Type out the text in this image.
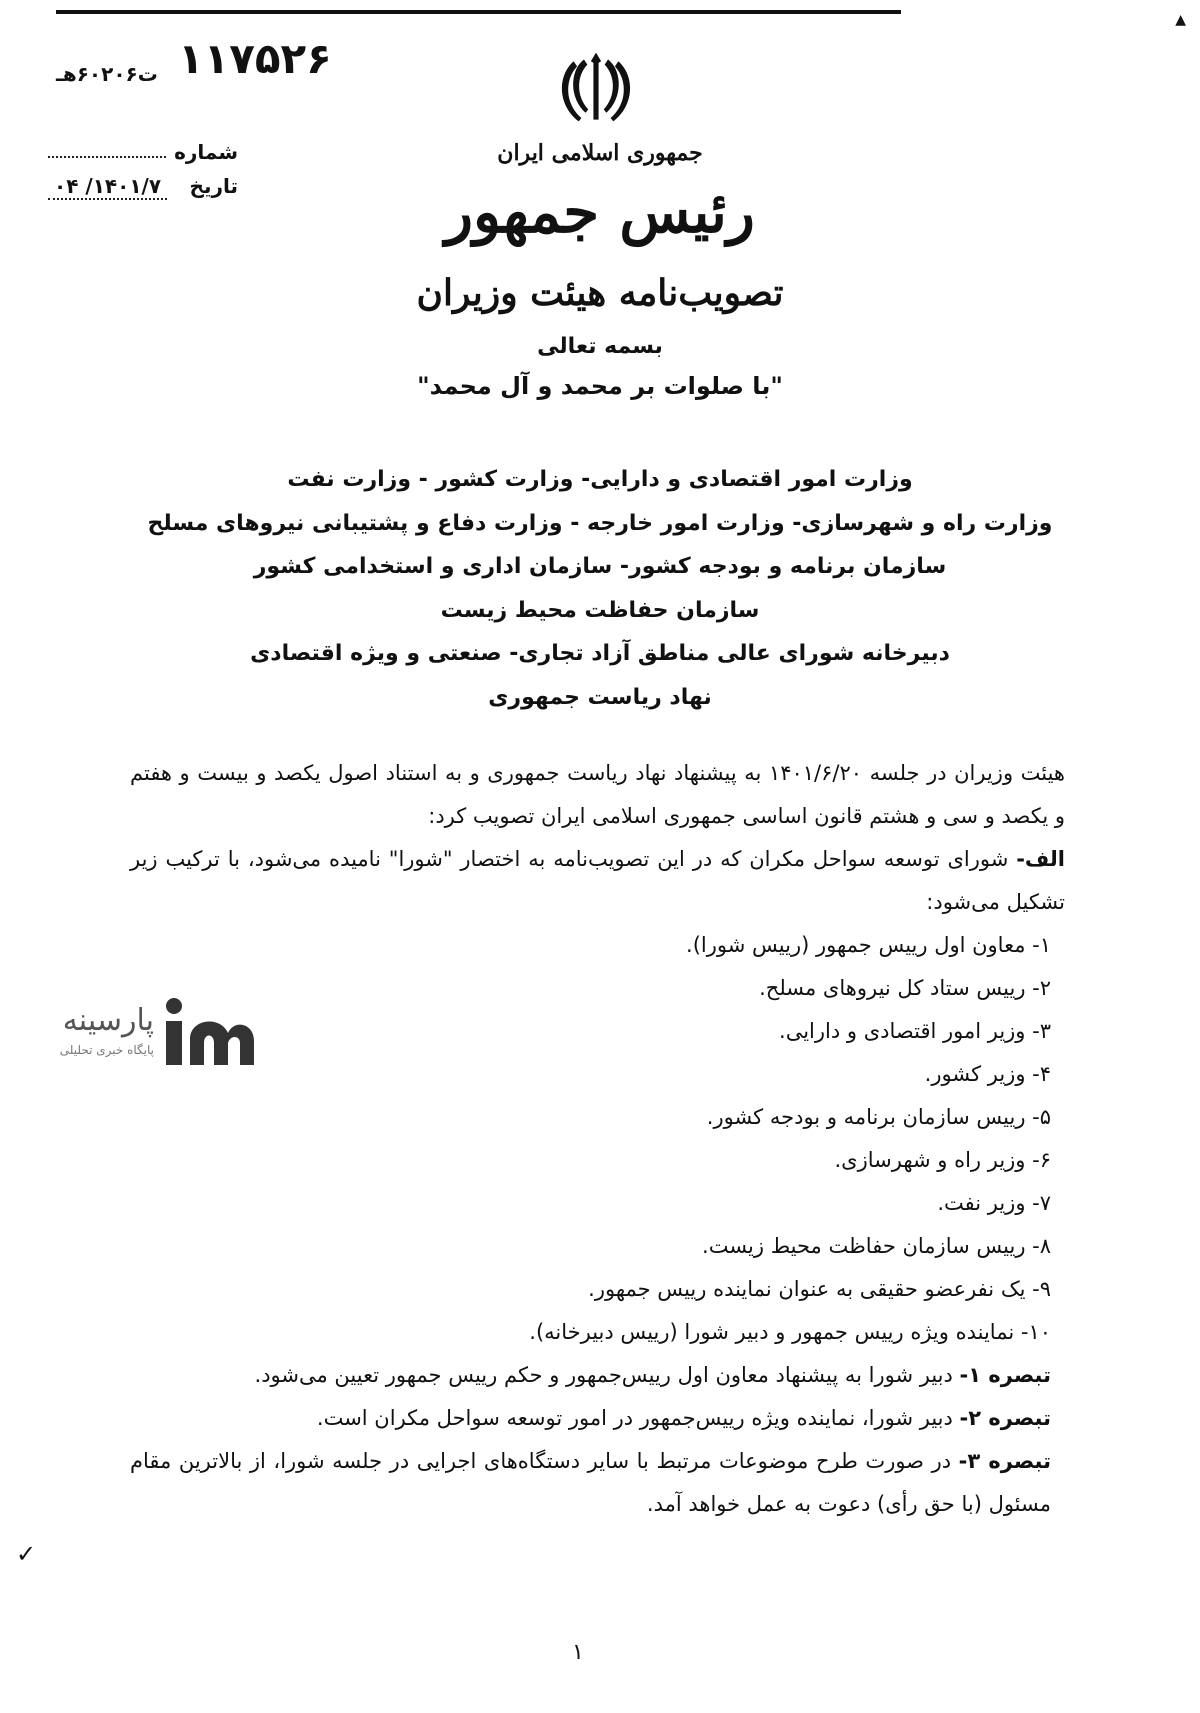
▲
۱۱۷۵۲۶
ت۶۰۲۰۶هـ
شماره
تاریخ
۱۴۰۱/۷/ ۰۴
جمهوری اسلامی ایران
رئیس جمهور
تصویب‌نامه هیئت وزیران
بسمه تعالی
"با صلوات بر محمد و آل محمد"
وزارت امور اقتصادی و دارایی- وزارت کشور - وزارت نفت
وزارت راه و شهرسازی- وزارت امور خارجه - وزارت دفاع و پشتیبانی نیروهای مسلح
سازمان برنامه و بودجه کشور- سازمان اداری و استخدامی کشور
سازمان حفاظت محیط زیست
دبیرخانه شورای عالی مناطق آزاد تجاری- صنعتی و ویژه اقتصادی
نهاد ریاست جمهوری

هیئت وزیران در جلسه ۱۴۰۱/۶/۲۰ به پیشنهاد نهاد ریاست جمهوری و به استناد اصول یکصد و بیست و هفتم و یکصد و سی و هشتم قانون اساسی جمهوری اسلامی ایران تصویب کرد:

الف- شورای توسعه سواحل مکران که در این تصویب‌نامه به اختصار "شورا" نامیده می‌شود، با ترکیب زیر تشکیل می‌شود:

۱- معاون اول رییس جمهور (رییس شورا).

۲- رییس ستاد کل نیروهای مسلح.

۳- وزیر امور اقتصادی و دارایی.

۴- وزیر کشور.

۵- رییس سازمان برنامه و بودجه کشور.

۶- وزیر راه و شهرسازی.

۷- وزیر نفت.

۸- رییس سازمان حفاظت محیط زیست.

۹- یک نفرعضو حقیقی به عنوان نماینده رییس جمهور.

۱۰- نماینده ویژه رییس جمهور و دبیر شورا (رییس دبیرخانه).

تبصره ۱- دبیر شورا به پیشنهاد معاون اول رییس‌جمهور و حکم رییس جمهور تعیین می‌شود.

تبصره ۲- دبیر شورا، نماینده ویژه رییس‌جمهور در امور توسعه سواحل مکران است.

تبصره ۳- در صورت طرح موضوعات مرتبط با سایر دستگاه‌های اجرایی در جلسه شورا، از بالاترین مقام مسئول (با حق رأی) دعوت به عمل خواهد آمد.

پارسینه
پایگاه خبری تحلیلی
✓
۱
